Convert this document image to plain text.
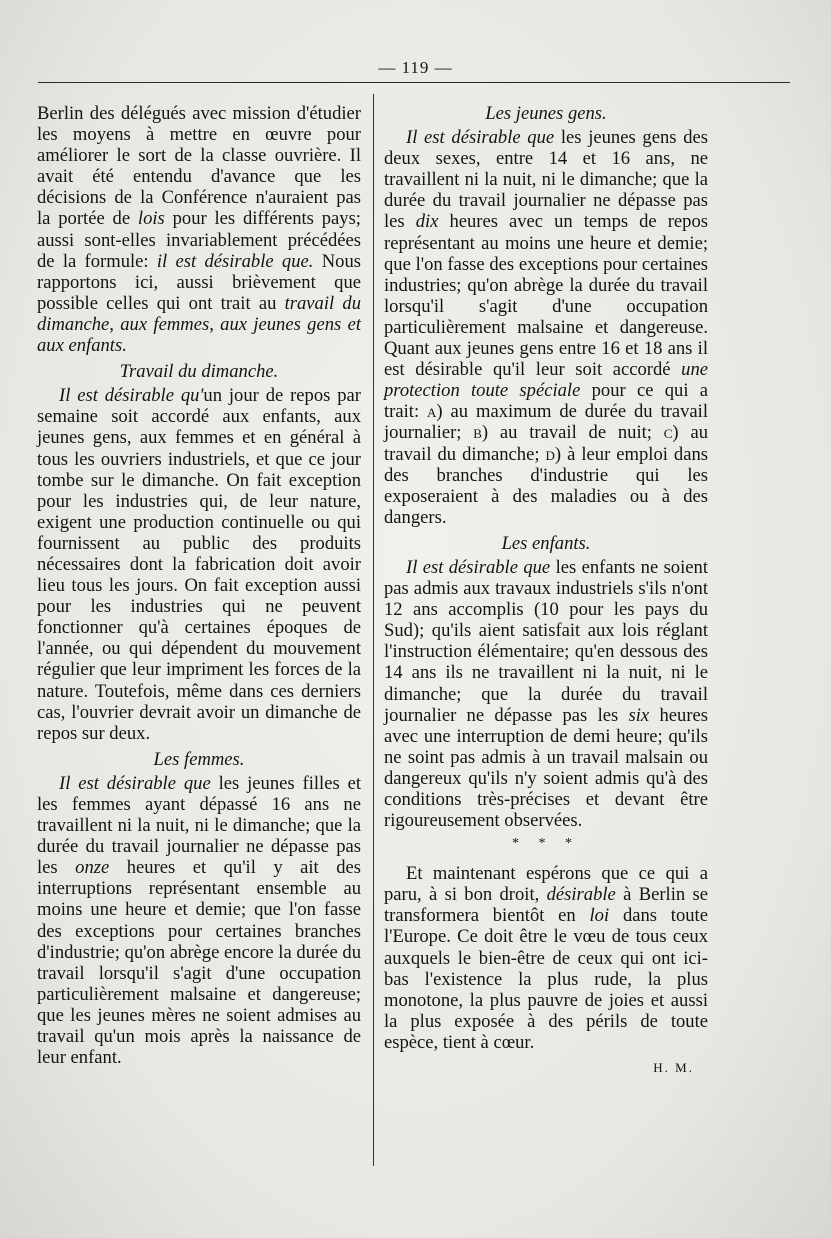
— 119 —

Berlin des délégués avec mission d'étudier les moyens à mettre en œuvre pour améliorer le sort de la classe ouvrière. Il avait été entendu d'avance que les décisions de la Conférence n'auraient pas la portée de lois pour les différents pays; aussi sont-elles invariablement précédées de la formule: il est désirable que. Nous rapportons ici, aussi brièvement que possible celles qui ont trait au travail du dimanche, aux femmes, aux jeunes gens et aux enfants.

Travail du dimanche.

Il est désirable qu'un jour de repos par semaine soit accordé aux enfants, aux jeunes gens, aux femmes et en général à tous les ouvriers industriels, et que ce jour tombe sur le dimanche. On fait exception pour les industries qui, de leur nature, exigent une production continuelle ou qui fournissent au public des produits nécessaires dont la fabrication doit avoir lieu tous les jours. On fait exception aussi pour les industries qui ne peuvent fonctionner qu'à certaines époques de l'année, ou qui dépendent du mouvement régulier que leur impriment les forces de la nature. Toutefois, même dans ces derniers cas, l'ouvrier devrait avoir un dimanche de repos sur deux.

Les femmes.

Il est désirable que les jeunes filles et les femmes ayant dépassé 16 ans ne travaillent ni la nuit, ni le dimanche; que la durée du travail journalier ne dépasse pas les onze heures et qu'il y ait des interruptions représentant ensemble au moins une heure et demie; que l'on fasse des exceptions pour certaines branches d'industrie; qu'on abrège encore la durée du travail lorsqu'il s'agit d'une occupation particulièrement malsaine et dangereuse; que les jeunes mères ne soient admises au travail qu'un mois après la naissance de leur enfant.

Les jeunes gens.

Il est désirable que les jeunes gens des deux sexes, entre 14 et 16 ans, ne travaillent ni la nuit, ni le dimanche; que la durée du travail journalier ne dépasse pas les dix heures avec un temps de repos représentant au moins une heure et demie; que l'on fasse des exceptions pour certaines industries; qu'on abrège la durée du travail lorsqu'il s'agit d'une occupation particulièrement malsaine et dangereuse. Quant aux jeunes gens entre 16 et 18 ans il est désirable qu'il leur soit accordé une protection toute spéciale pour ce qui a trait: a) au maximum de durée du travail journalier; b) au travail de nuit; c) au travail du dimanche; d) à leur emploi dans des branches d'industrie qui les exposeraient à des maladies ou à des dangers.

Les enfants.

Il est désirable que les enfants ne soient pas admis aux travaux industriels s'ils n'ont 12 ans accomplis (10 pour les pays du Sud); qu'ils aient satisfait aux lois réglant l'instruction élémentaire; qu'en dessous des 14 ans ils ne travaillent ni la nuit, ni le dimanche; que la durée du travail journalier ne dépasse pas les six heures avec une interruption de demi heure; qu'ils ne soint pas admis à un travail malsain ou dangereux qu'ils n'y soient admis qu'à des conditions très-précises et devant être rigoureusement observées.

* * *

Et maintenant espérons que ce qui a paru, à si bon droit, désirable à Berlin se transformera bientôt en loi dans toute l'Europe. Ce doit être le vœu de tous ceux auxquels le bien-être de ceux qui ont ici-bas l'existence la plus rude, la plus monotone, la plus pauvre de joies et aussi la plus exposée à des périls de toute espèce, tient à cœur.

H. M.
